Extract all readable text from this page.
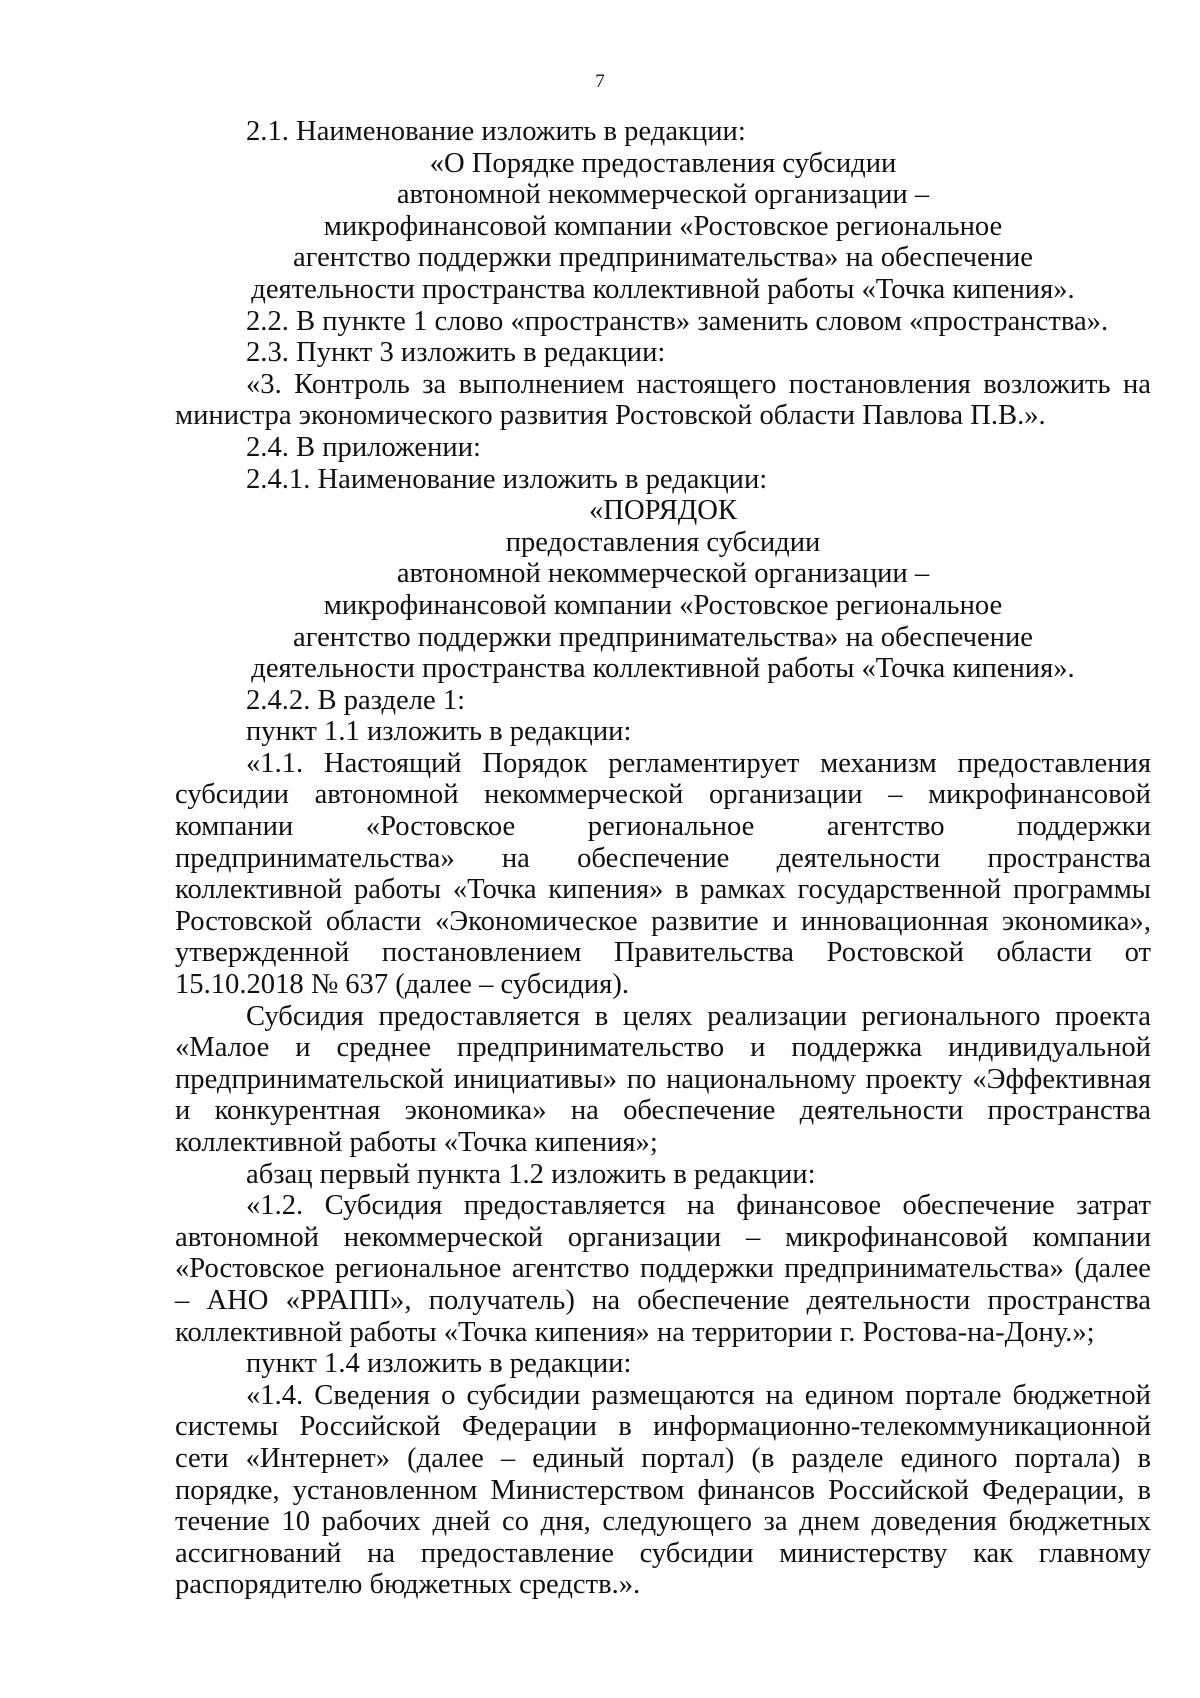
7

2.1. Наименование изложить в редакции:

«О Порядке предоставления субсидии

автономной некоммерческой организации –

микрофинансовой компании «Ростовское региональное

агентство поддержки предпринимательства» на обеспечение

деятельности пространства коллективной работы «Точка кипения».

2.2. В пункте 1 слово «пространств» заменить словом «пространства».

2.3. Пункт 3 изложить в редакции:

«3. Контроль за выполнением настоящего постановления возложить на министра экономического развития Ростовской области Павлова П.В.».

2.4. В приложении:

2.4.1. Наименование изложить в редакции:

«ПОРЯДОК

предоставления субсидии

автономной некоммерческой организации –

микрофинансовой компании «Ростовское региональное

агентство поддержки предпринимательства» на обеспечение

деятельности пространства коллективной работы «Точка кипения».

2.4.2. В разделе 1:

пункт 1.1 изложить в редакции:

«1.1. Настоящий Порядок регламентирует механизм предоставления субсидии автономной некоммерческой организации – микрофинансовой компании «Ростовское региональное агентство поддержки предпринимательства» на обеспечение деятельности пространства коллективной работы «Точка кипения» в рамках государственной программы Ростовской области «Экономическое развитие и инновационная экономика», утвержденной постановлением Правительства Ростовской области от 15.10.2018 № 637 (далее – субсидия).

Субсидия предоставляется в целях реализации регионального проекта «Малое и среднее предпринимательство и поддержка индивидуальной предпринимательской инициативы» по национальному проекту «Эффективная и конкурентная экономика» на обеспечение деятельности пространства коллективной работы «Точка кипения»;

абзац первый пункта 1.2 изложить в редакции:

«1.2. Субсидия предоставляется на финансовое обеспечение затрат автономной некоммерческой организации – микрофинансовой компании «Ростовское региональное агентство поддержки предпринимательства» (далее – АНО «РРАПП», получатель) на обеспечение деятельности пространства коллективной работы «Точка кипения» на территории г. Ростова-на-Дону.»;

пункт 1.4 изложить в редакции:

«1.4. Сведения о субсидии размещаются на едином портале бюджетной системы Российской Федерации в информационно-телекоммуникационной сети «Интернет» (далее – единый портал) (в разделе единого портала) в порядке, установленном Министерством финансов Российской Федерации, в течение 10 рабочих дней со дня, следующего за днем доведения бюджетных ассигнований на предоставление субсидии министерству как главному распорядителю бюджетных средств.».
